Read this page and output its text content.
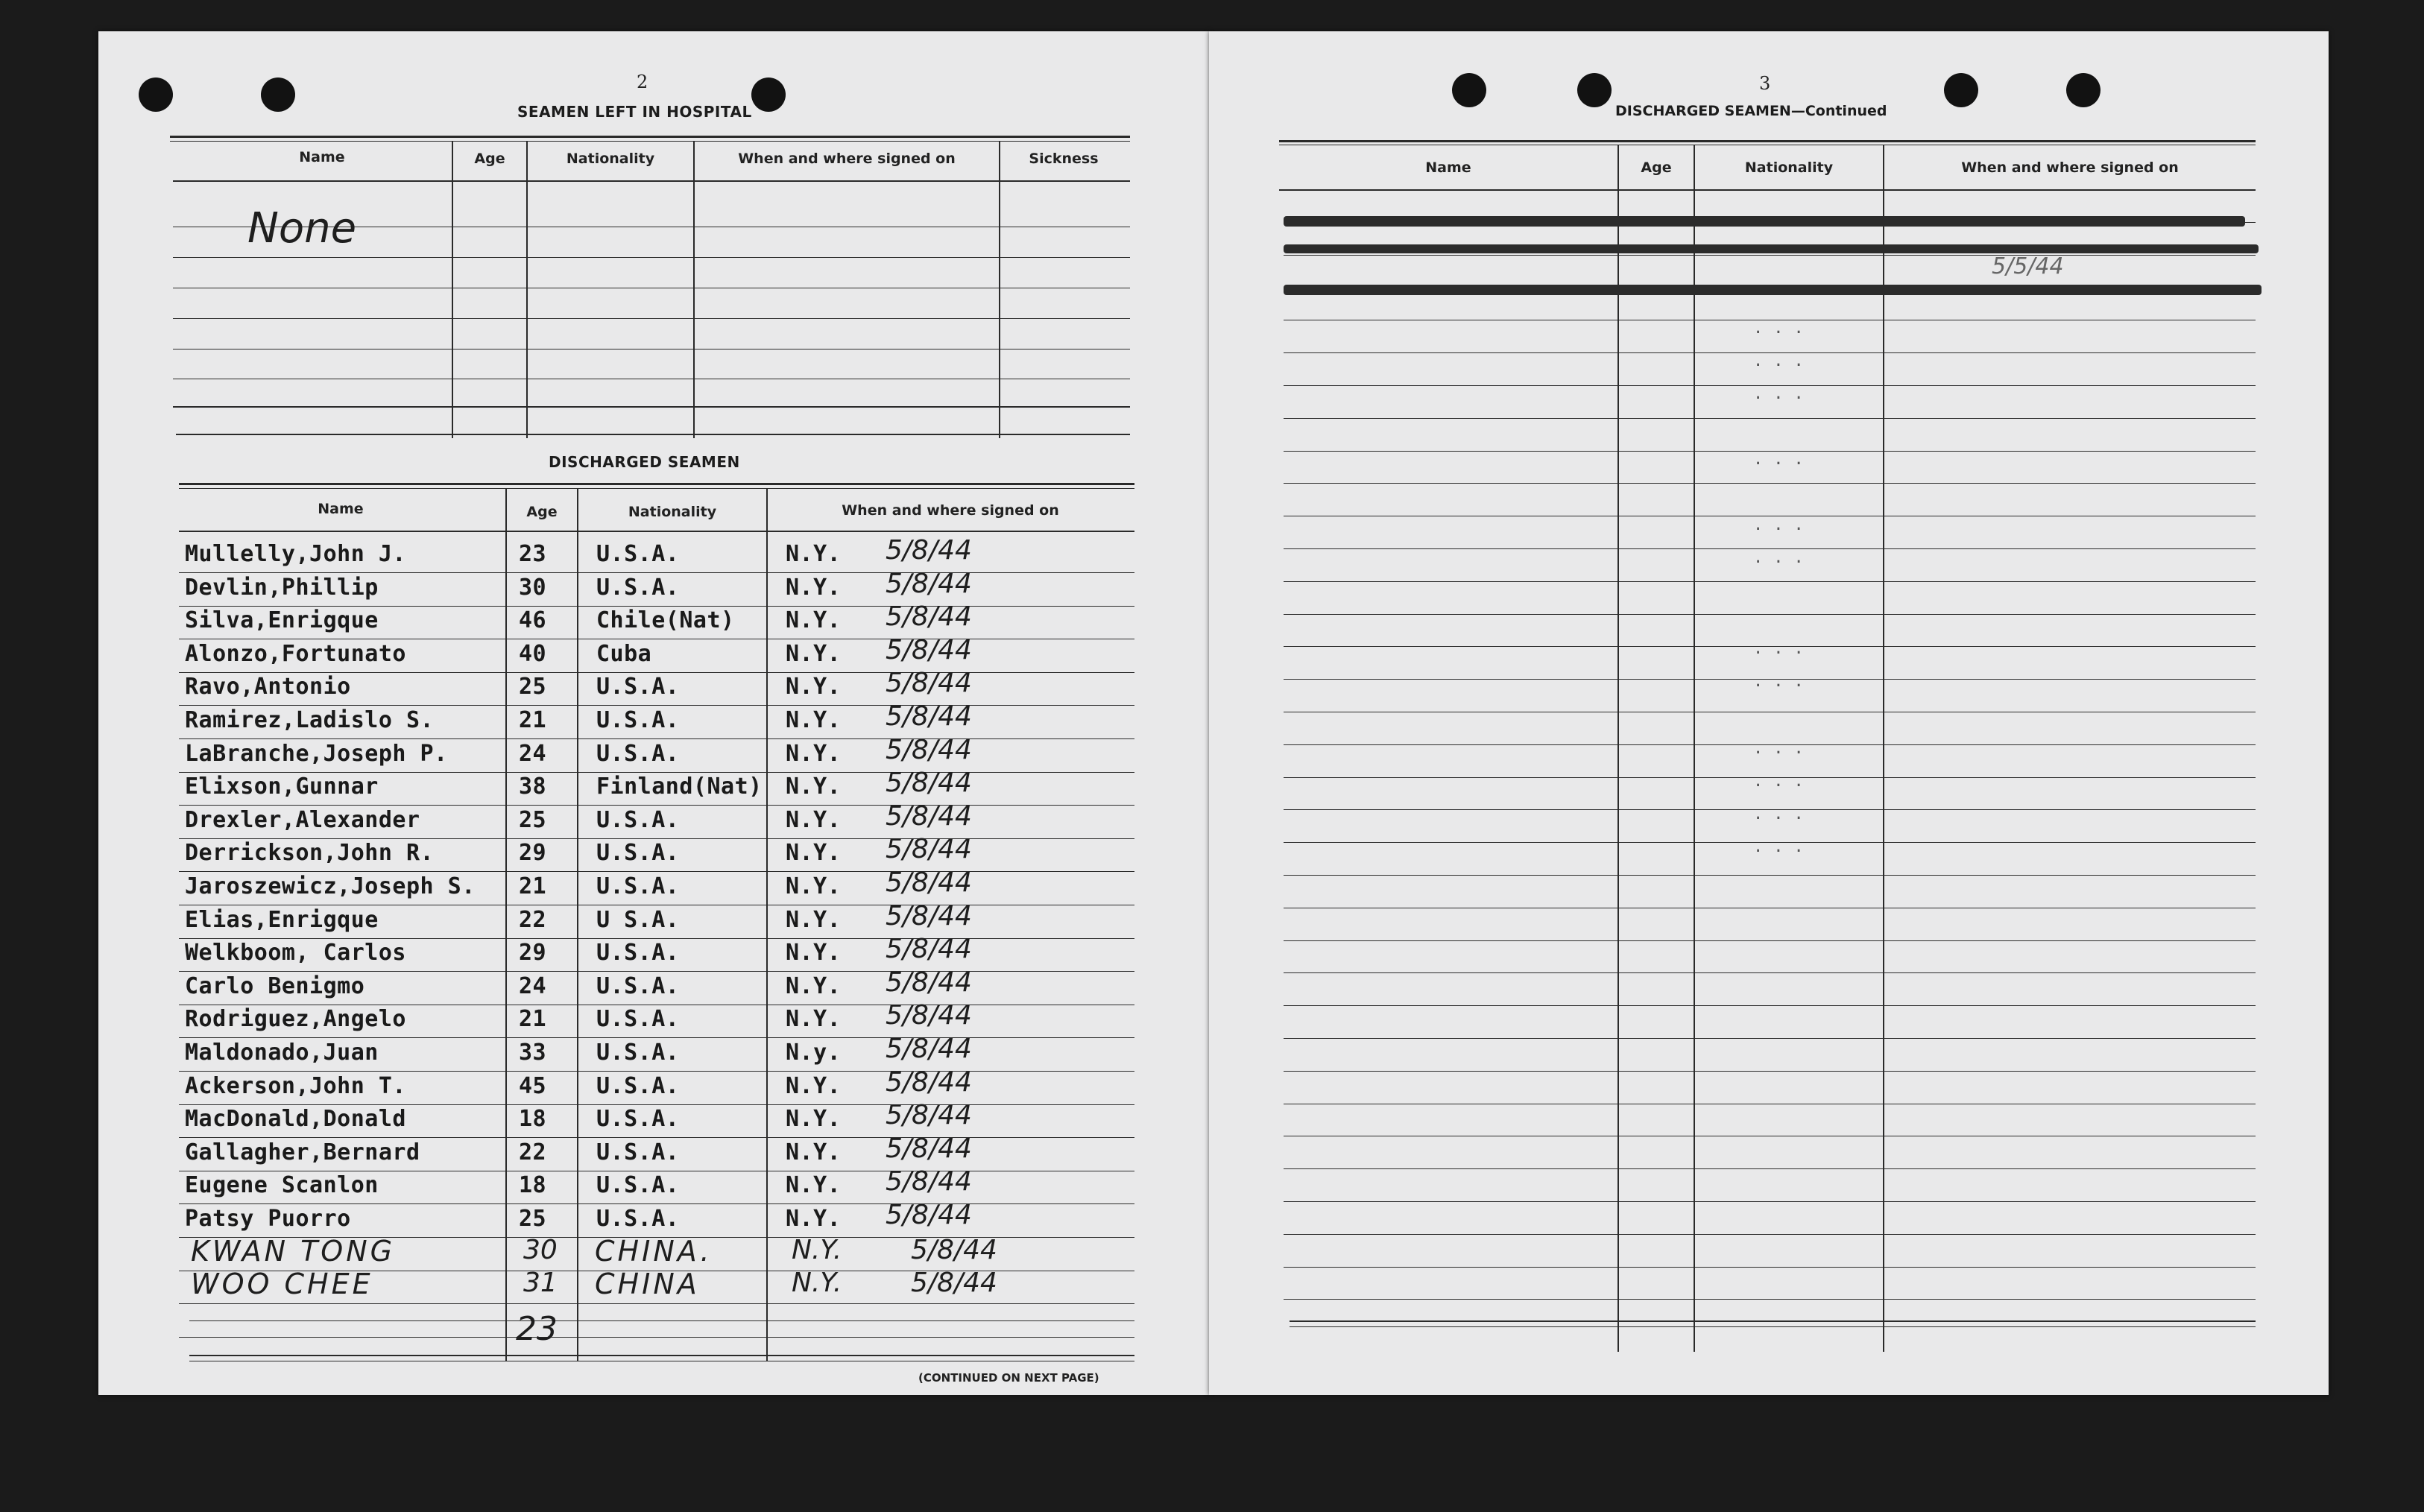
2
SEAMEN LEFT IN HOSPITAL
Name	Age	Nationality	When and where signed on	Sickness
None
DISCHARGED SEAMEN
Name	Age	Nationality	When and where signed on
Mullelly,John J.	23 U.S.A.	N.Y. 5/8/44
Devlin,Phillip	30 U.S.A.	N.Y. 5/8/44
Silva,Enrigque	46 Chile(Nat) N.Y. 5/8/44
Alonzo,Fortunato	40 Cuba	N.Y. 5/8/44
Ravo,Antonio	25 U.S.A.	N.Y. 5/8/44
Ramirez,Ladislo S.	21 U.S.A.	N.Y. 5/8/44
LaBranche,Joseph P.	24 U.S.A.	N.Y. 5/8/44
Elixson,Gunnar	38 Finland(Nat) N.Y. 5/8/44
Drexler,Alexander	25 U.S.A.	N.Y. 5/8/44
Derrickson,John R.	29 U.S.A.	N.Y. 5/8/44
Jaroszewicz,Joseph S. 21 U.S.A.	N.Y. 5/8/44
Elias,Enrigque	22 U S.A.	N.Y. 5/8/44
Welkboom, Carlos	29 U.S.A.	N.Y. 5/8/44
Carlo Benigmo	24 U.S.A.	N.Y. 5/8/44
Rodriguez,Angelo	21 U.S.A.	N.Y. 5/8/44
Maldonado,Juan	33 U.S.A.	N.y. 5/8/44
Ackerson,John T.	45 U.S.A.	N.Y. 5/8/44
MacDonald,Donald	18 U.S.A.	N.Y. 5/8/44
Gallagher,Bernard	22 U.S.A.	N.Y. 5/8/44
Eugene Scanlon	18 U.S.A.	N.Y. 5/8/44
Patsy Puorro	25 U.S.A.	N.Y. 5/8/44
KWAN TONG	30 CHINA.	N.Y.	5/8/44
WOO CHEE	31 CHINA	N.Y.	5/8/44
23
(CONTINUED ON NEXT PAGE)
3
DISCHARGED SEAMEN—Continued
Name	Age	Nationality	When and where signed on
5/5/44
...
...
...
...
...
...
...
...
...
...
...
...
